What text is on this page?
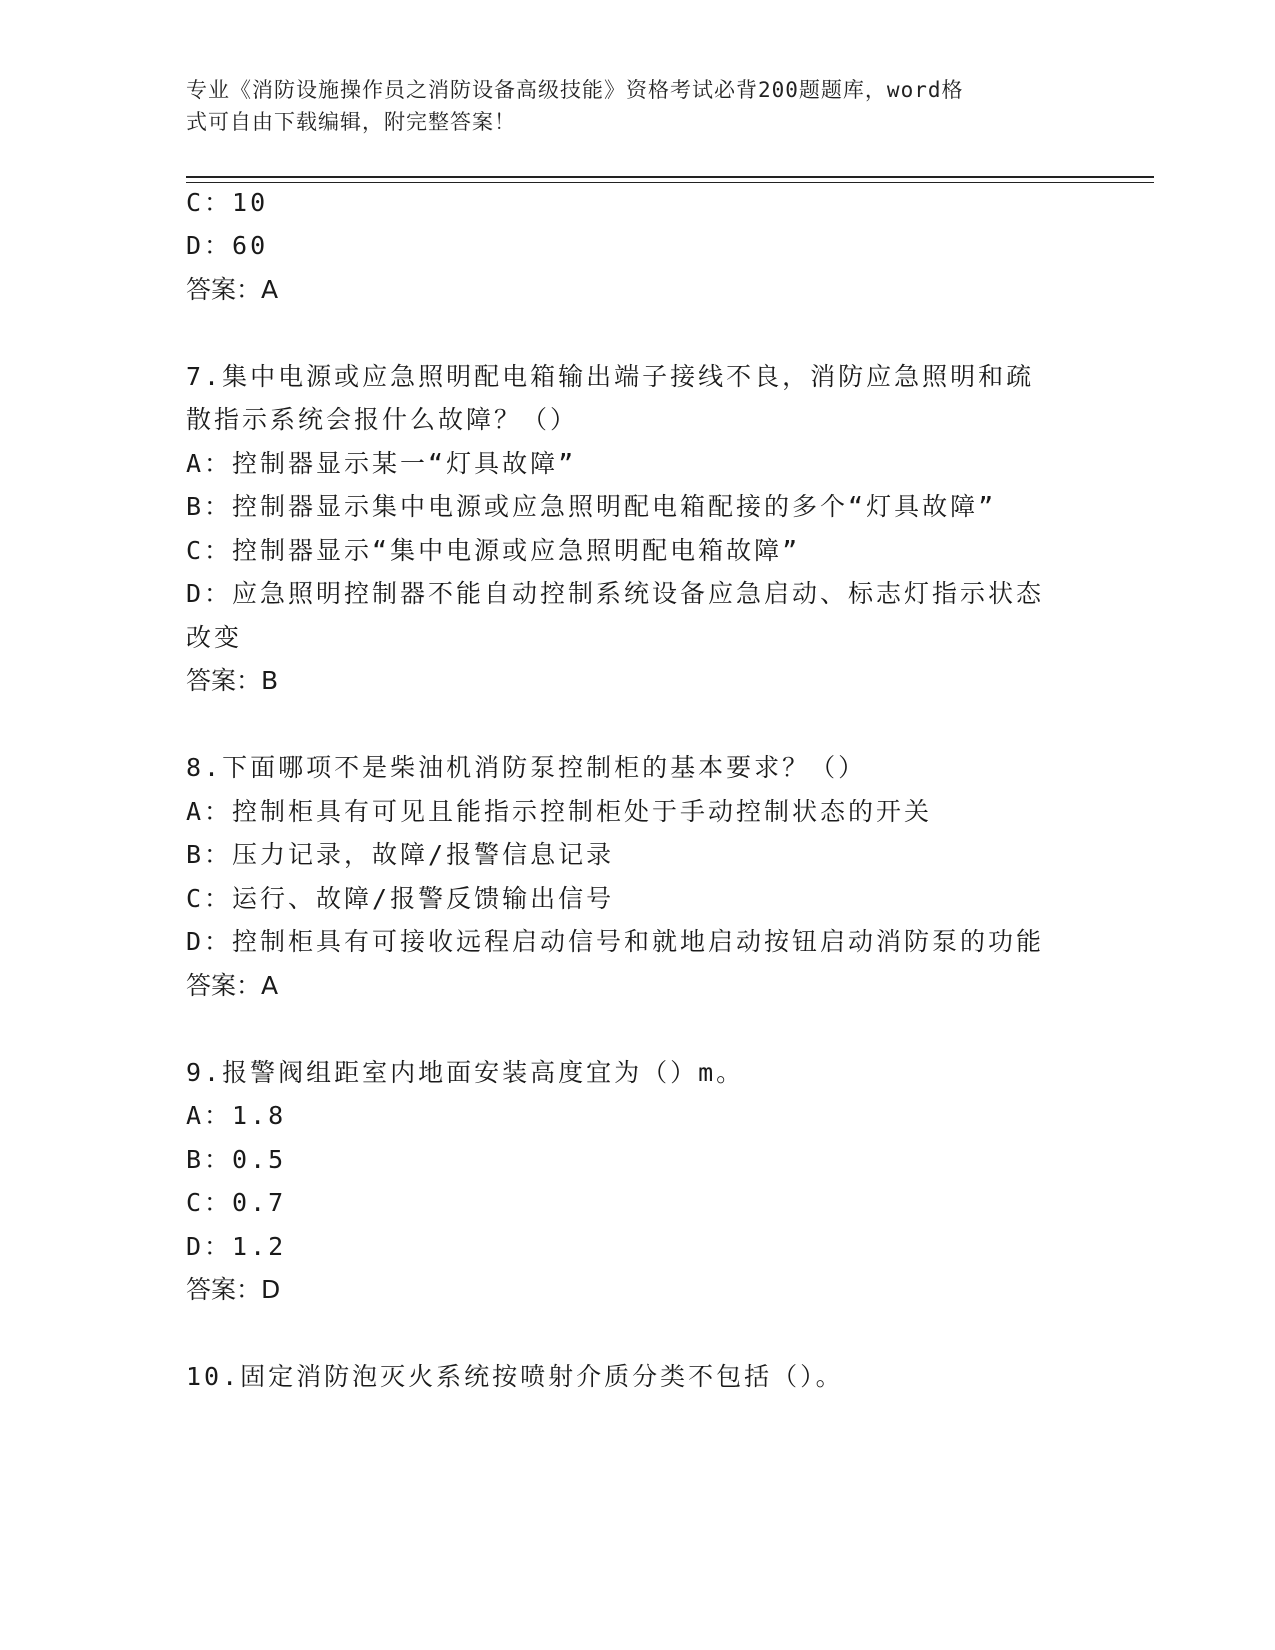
专业《消防设施操作员之消防设备高级技能》资格考试必背200题题库，word格
式可自由下载编辑，附完整答案！
C：10
D：60
答案：A
7.集中电源或应急照明配电箱输出端子接线不良，消防应急照明和疏
散指示系统会报什么故障？（）
A：控制器显示某一“灯具故障”
B：控制器显示集中电源或应急照明配电箱配接的多个“灯具故障”
C：控制器显示“集中电源或应急照明配电箱故障”
D：应急照明控制器不能自动控制系统设备应急启动、标志灯指示状态
改变
答案：B
8.下面哪项不是柴油机消防泵控制柜的基本要求？（）
A：控制柜具有可见且能指示控制柜处于手动控制状态的开关
B：压力记录，故障/报警信息记录
C：运行、故障/报警反馈输出信号
D：控制柜具有可接收远程启动信号和就地启动按钮启动消防泵的功能
答案：A
9.报警阀组距室内地面安装高度宜为（）m。
A：1.8
B：0.5
C：0.7
D：1.2
答案：D
10.固定消防泡灭火系统按喷射介质分类不包括（）。
